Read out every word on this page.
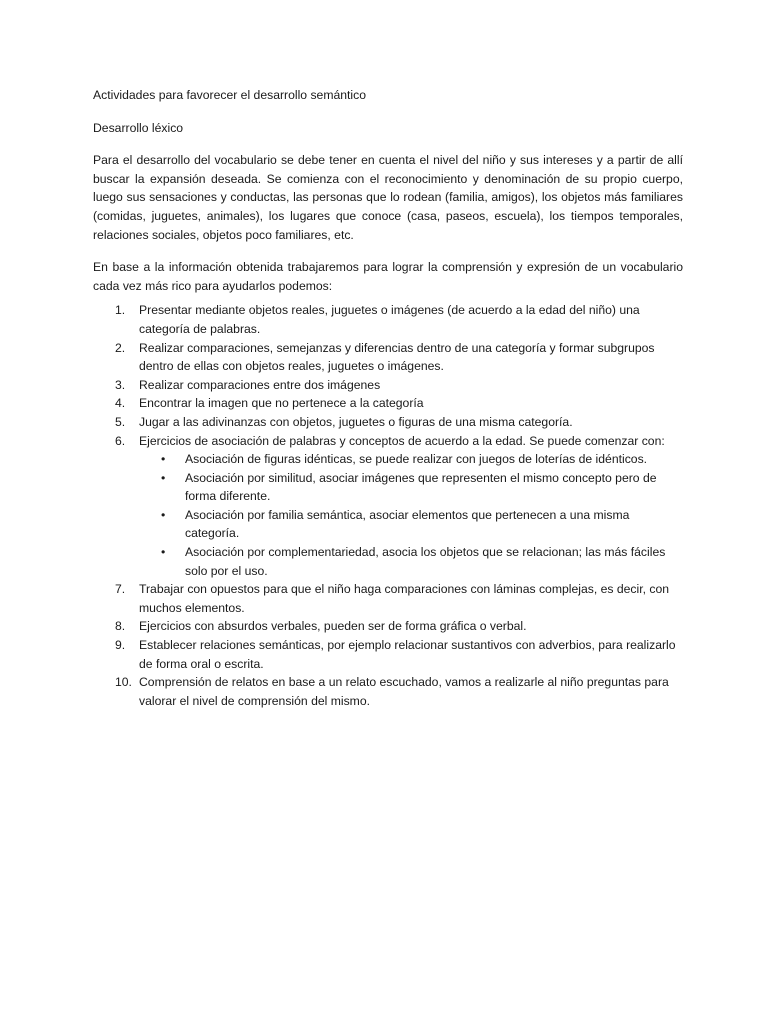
Actividades para favorecer el desarrollo semántico

Desarrollo léxico

Para el desarrollo del vocabulario se debe tener en cuenta el nivel del niño y sus intereses y a partir de allí buscar la expansión deseada. Se comienza con el reconocimiento y denominación de su propio cuerpo, luego sus sensaciones y conductas, las personas que lo rodean (familia, amigos), los objetos más familiares (comidas, juguetes, animales), los lugares que conoce (casa, paseos, escuela), los tiempos temporales, relaciones sociales, objetos poco familiares, etc.

En base a la información obtenida trabajaremos para lograr la comprensión y expresión de un vocabulario cada vez más rico para ayudarlos podemos:

1.	Presentar mediante objetos reales, juguetes o imágenes (de acuerdo a la edad del niño) una categoría de palabras.
2.	Realizar comparaciones, semejanzas y diferencias dentro de una categoría y formar subgrupos dentro de ellas con objetos reales, juguetes o imágenes.
3.	Realizar comparaciones entre dos imágenes
4.	Encontrar la imagen que no pertenece a la categoría
5.	Jugar a las adivinanzas con objetos, juguetes o figuras de una misma categoría.
6.	Ejercicios de asociación de palabras y conceptos de acuerdo a la edad. Se puede comenzar con:
• Asociación de figuras idénticas, se puede realizar con juegos de loterías de idénticos.
• Asociación por similitud, asociar imágenes que representen el mismo concepto pero de forma diferente.
• Asociación por familia semántica, asociar elementos que pertenecen a una misma categoría.
• Asociación por complementariedad, asocia los objetos que se relacionan; las más fáciles solo por el uso.
7.	Trabajar con opuestos para que el niño haga comparaciones con láminas complejas, es decir, con muchos elementos.
8.	Ejercicios con absurdos verbales, pueden ser de forma gráfica o verbal.
9.	Establecer relaciones semánticas, por ejemplo relacionar sustantivos con adverbios, para realizarlo de forma oral o escrita.
10. Comprensión de relatos en base a un relato escuchado, vamos a realizarle al niño preguntas para valorar el nivel de comprensión del mismo.
